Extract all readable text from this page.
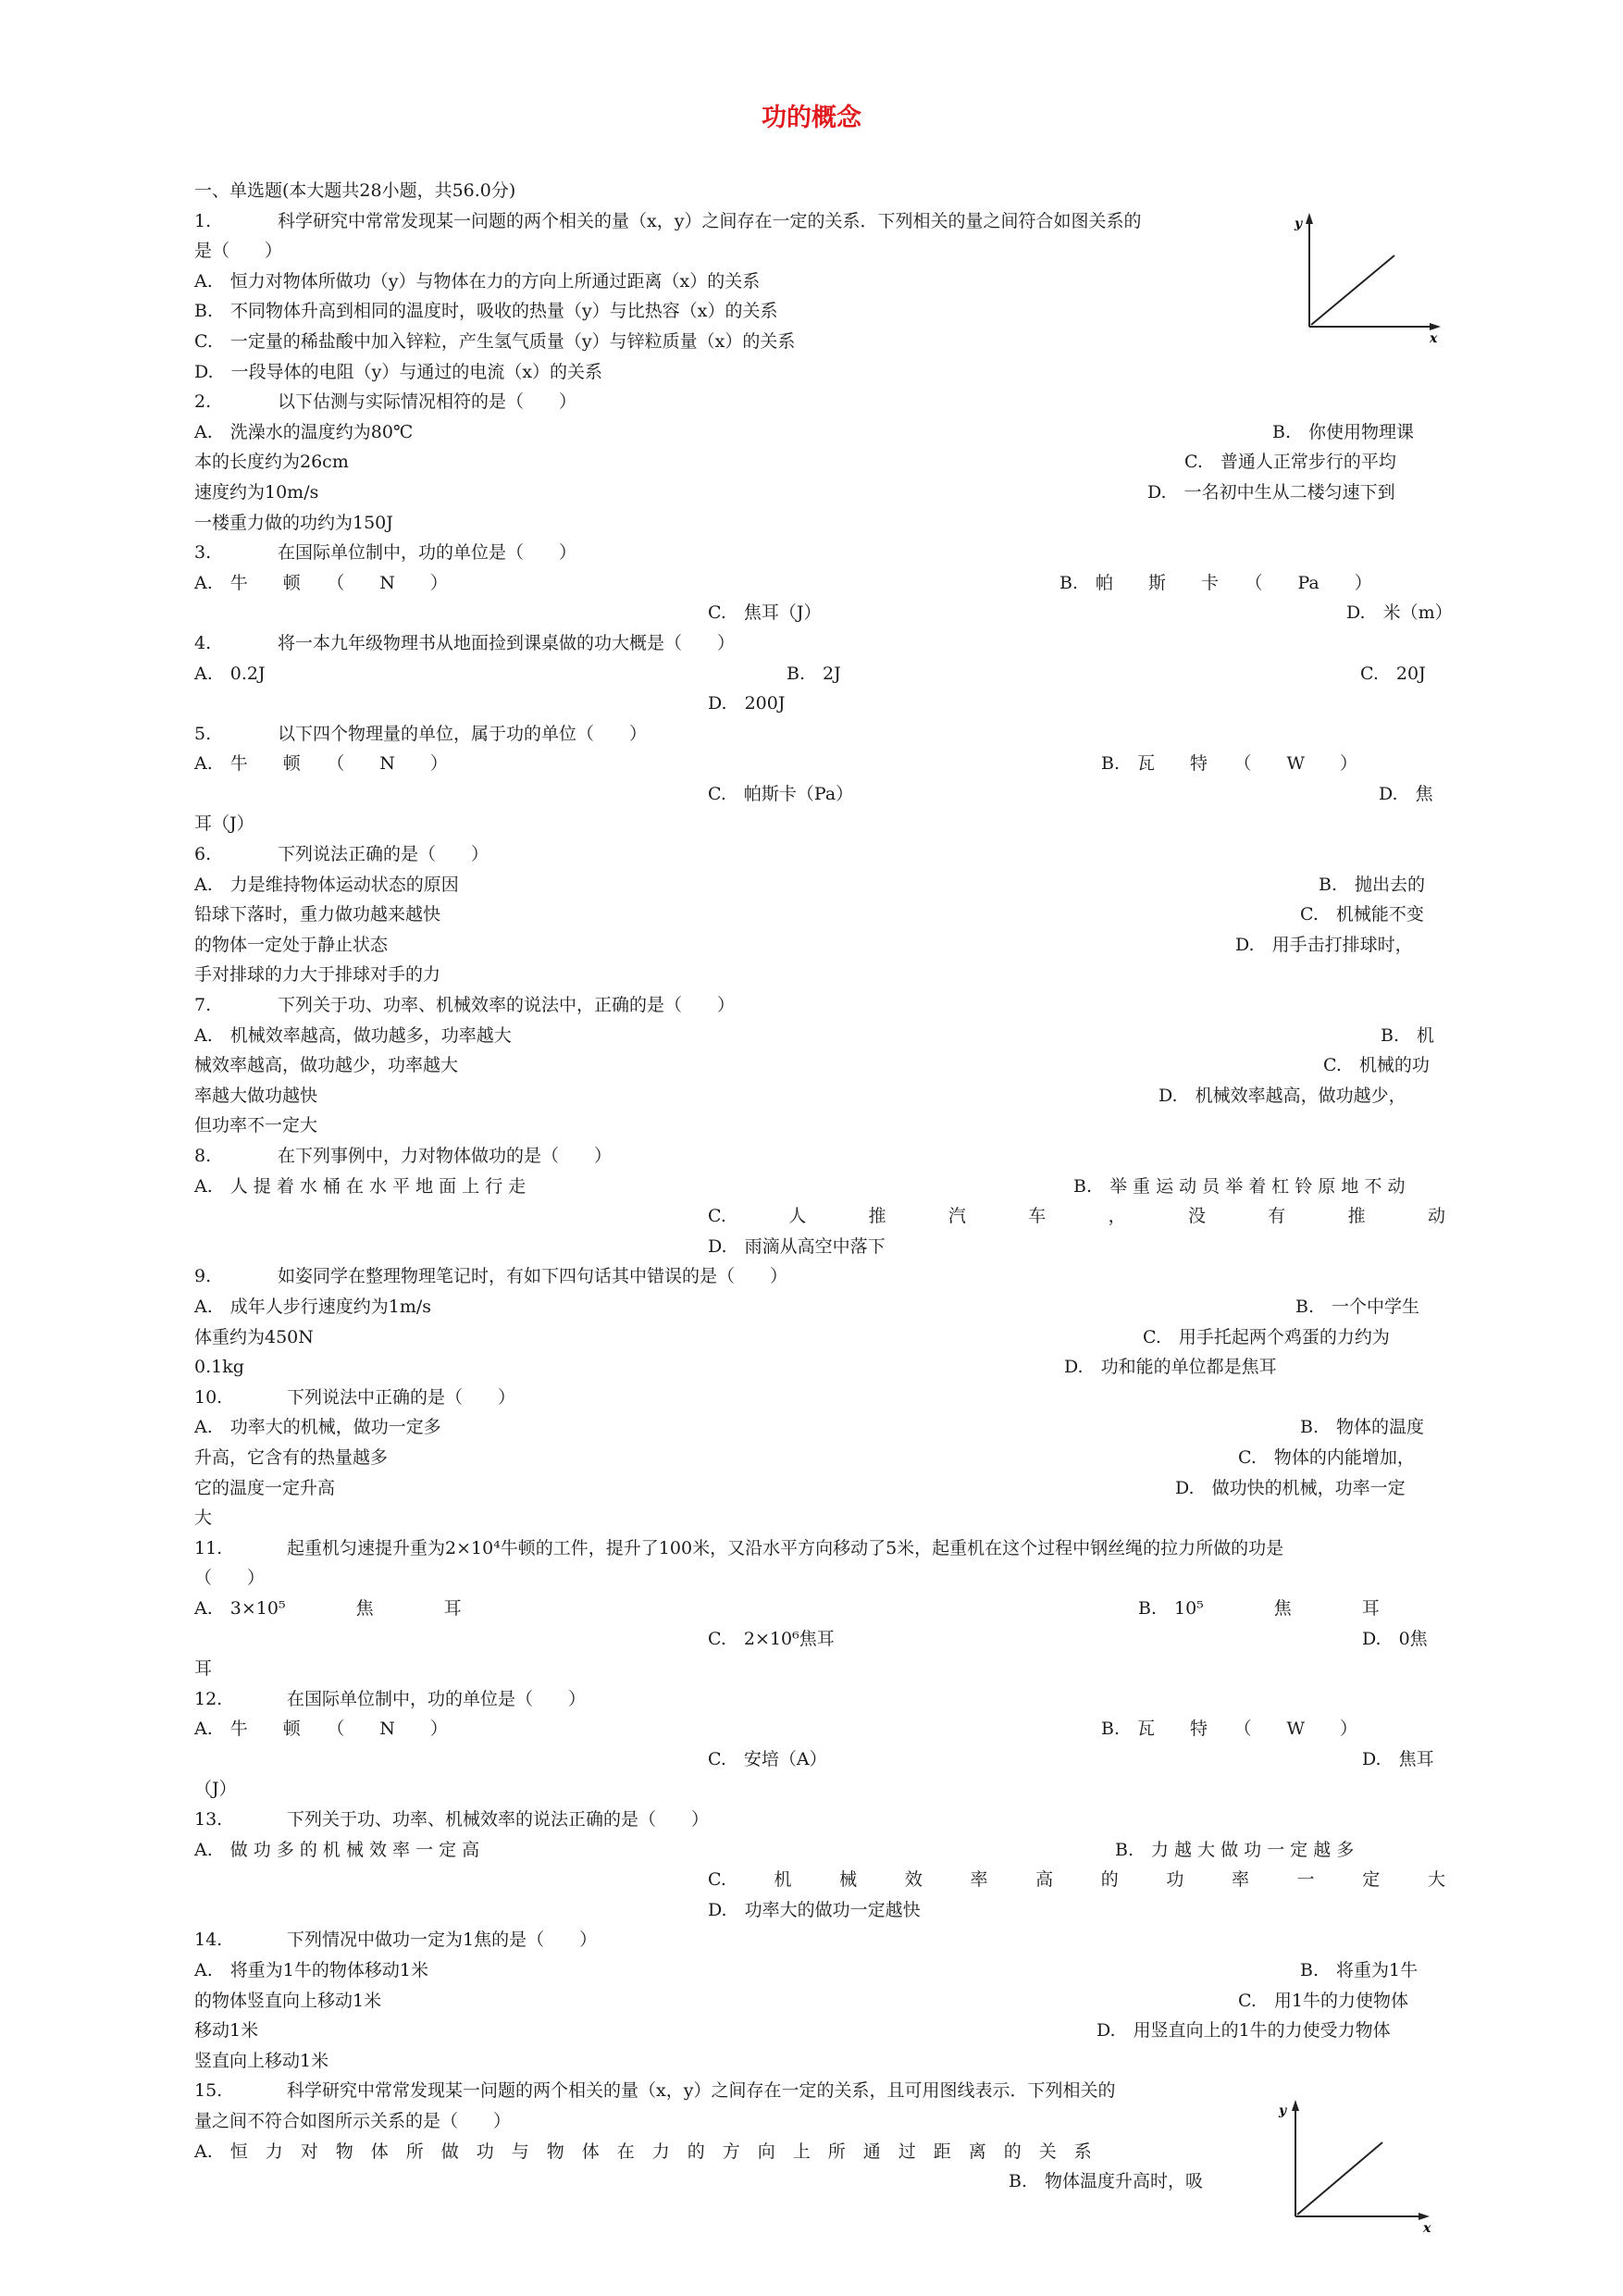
功的概念
一、单选题(本大题共28小题，共56.0分)
1.	科学研究中常常发现某一问题的两个相关的量（x，y）之间存在一定的关系．下列相关的量之间符合如图关系的
是（　　）
A.　恒力对物体所做功（y）与物体在力的方向上所通过距离（x）的关系
B.　不同物体升高到相同的温度时，吸收的热量（y）与比热容（x）的关系
C.　一定量的稀盐酸中加入锌粒，产生氢气质量（y）与锌粒质量（x）的关系
D.　一段导体的电阻（y）与通过的电流（x）的关系
2.	以下估测与实际情况相符的是（　　）
A.　洗澡水的温度约为80℃	B.　你使用物理课
本的长度约为26cm	C.　普通人正常步行的平均
速度约为10m/s	D.　一名初中生从二楼匀速下到
一楼重力做的功约为150J
3.	在国际单位制中，功的单位是（　　）
A.　牛　　顿　　（　　N　　）	B.　帕　　斯　　卡　　（　　Pa　　）
C.　焦耳（J）	D.　米（m）
4.	将一本九年级物理书从地面捡到课桌做的功大概是（　　）
A.　0.2J	B.　2J	C.　20J
D.　200J
5.	以下四个物理量的单位，属于功的单位（　　）
A.　牛　　顿　　（　　N　　）	B.　瓦　　特　　（　　W　　）
C.　帕斯卡（Pa）	D.　焦
耳（J）
6.	下列说法正确的是（　　）
A.　力是维持物体运动状态的原因	B.　抛出去的
铅球下落时，重力做功越来越快	C.　机械能不变
的物体一定处于静止状态	D.　用手击打排球时，
手对排球的力大于排球对手的力
7.	下列关于功、功率、机械效率的说法中，正确的是（　　）
A.　机械效率越高，做功越多，功率越大	B.　机
械效率越高，做功越少，功率越大	C.　机械的功
率越大做功越快	D.　机械效率越高，做功越少，
但功率不一定大
8.	在下列事例中，力对物体做功的是（　　）
A.　人 提 着 水 桶 在 水 平 地 面 上 行 走	B.　举 重 运 动 员 举 着 杠 铃 原 地 不 动
C.	人	推	汽	车	，	没	有	推	动
D.　雨滴从高空中落下
9.	如姿同学在整理物理笔记时，有如下四句话其中错误的是（　　）
A.　成年人步行速度约为1m/s	B.　一个中学生
体重约为450N	C.　用手托起两个鸡蛋的力约为
0.1kg	D.　功和能的单位都是焦耳
10.	下列说法中正确的是（　　）
A.　功率大的机械，做功一定多	B.　物体的温度
升高，它含有的热量越多	C.　物体的内能增加，
它的温度一定升高	D.　做功快的机械，功率一定
大
11.	起重机匀速提升重为2×10⁴牛顿的工件，提升了100米，又沿水平方向移动了5米，起重机在这个过程中钢丝绳的拉力所做的功是
（　　）
A.　3×10⁵　　　　焦　　　　耳	B.　10⁵　　　　焦　　　　耳
C.　2×10⁶焦耳	D.　0焦
耳
12.	在国际单位制中，功的单位是（　　）
A.　牛　　顿　　（　　N　　）	B.　瓦　　特　　（　　W　　）
C.　安培（A）	D.　焦耳
（J）
13.	下列关于功、功率、机械效率的说法正确的是（　　）
A.　做 功 多 的 机 械 效 率 一 定 高	B.　力 越 大 做 功 一 定 越 多
C.	机	械	效	率	高	的	功	率	一	定	大
D.　功率大的做功一定越快
14.	下列情况中做功一定为1焦的是（　　）
A.　将重为1牛的物体移动1米	B.　将重为1牛
的物体竖直向上移动1米	C.　用1牛的力使物体
移动1米	D.　用竖直向上的1牛的力使受力物体
竖直向上移动1米
15.	科学研究中常常发现某一问题的两个相关的量（x，y）之间存在一定的关系，且可用图线表示．下列相关的
量之间不符合如图所示关系的是（　　）
A.　恒　力　对　物　体　所　做　功　与　物　体　在　力　的　方　向　上　所　通　过　距　离　的　关　系
B.　物体温度升高时，吸
y
x
y
x
